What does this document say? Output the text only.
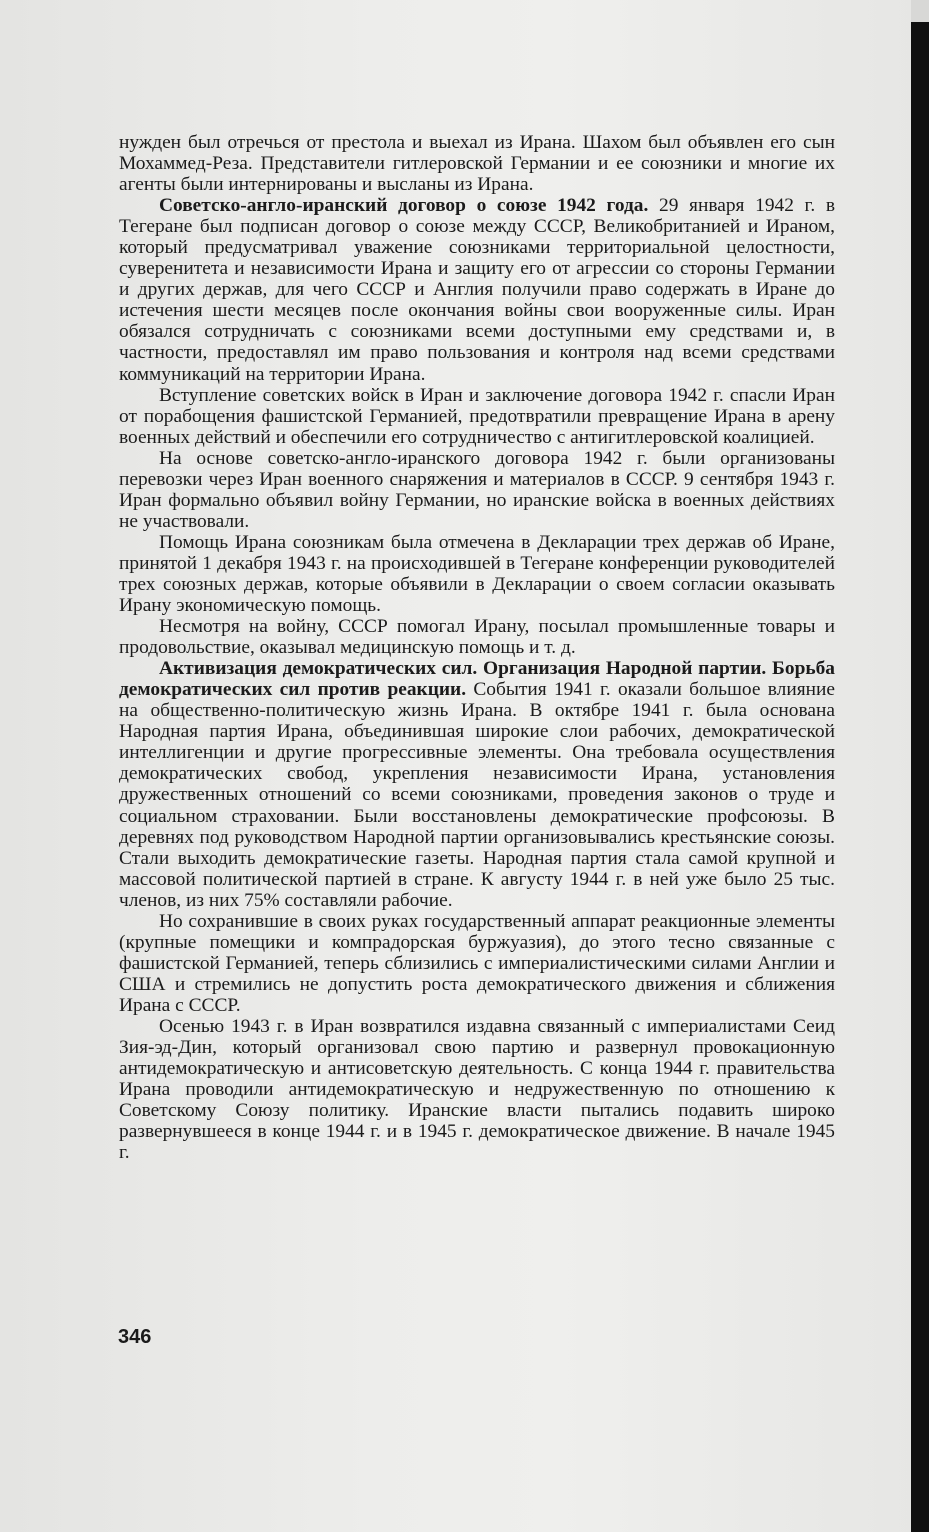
нужден был отречься от престола и выехал из Ирана. Шахом был объявлен его сын Мохаммед-Реза. Представители гитлеровской Германии и ее союзники и многие их агенты были интернированы и высланы из Ирана.

Советско-англо-иранский договор о союзе 1942 года. 29 января 1942 г. в Тегеране был подписан договор о союзе между СССР, Великобританией и Ираном, который предусматривал уважение союзниками территориальной целостности, суверенитета и независимости Ирана и защиту его от агрессии со стороны Германии и других держав, для чего СССР и Англия получили право содержать в Иране до истечения шести месяцев после окончания войны свои вооруженные силы. Иран обязался сотрудничать с союзниками всеми доступными ему средствами и, в частности, предоставлял им право пользования и контроля над всеми средствами коммуникаций на территории Ирана.

Вступление советских войск в Иран и заключение договора 1942 г. спасли Иран от порабощения фашистской Германией, предотвратили превращение Ирана в арену военных действий и обеспечили его сотрудничество с антигитлеровской коалицией.

На основе советско-англо-иранского договора 1942 г. были организованы перевозки через Иран военного снаряжения и материалов в СССР. 9 сентября 1943 г. Иран формально объявил войну Германии, но иранские войска в военных действиях не участвовали.

Помощь Ирана союзникам была отмечена в Декларации трех держав об Иране, принятой 1 декабря 1943 г. на происходившей в Тегеране конференции руководителей трех союзных держав, которые объявили в Декларации о своем согласии оказывать Ирану экономическую помощь.

Несмотря на войну, СССР помогал Ирану, посылал промышленные товары и продовольствие, оказывал медицинскую помощь и т. д.

Активизация демократических сил. Организация Народной партии. Борьба демократических сил против реакции. События 1941 г. оказали большое влияние на общественно-политическую жизнь Ирана. В октябре 1941 г. была основана Народная партия Ирана, объединившая широкие слои рабочих, демократической интеллигенции и другие прогрессивные элементы. Она требовала осуществления демократических свобод, укрепления независимости Ирана, установления дружественных отношений со всеми союзниками, проведения законов о труде и социальном страховании. Были восстановлены демократические профсоюзы. В деревнях под руководством Народной партии организовывались крестьянские союзы. Стали выходить демократические газеты. Народная партия стала самой крупной и массовой политической партией в стране. К августу 1944 г. в ней уже было 25 тыс. членов, из них 75% составляли рабочие.

Но сохранившие в своих руках государственный аппарат реакционные элементы (крупные помещики и компрадорская буржуазия), до этого тесно связанные с фашистской Германией, теперь сблизились с империалистическими силами Англии и США и стремились не допустить роста демократического движения и сближения Ирана с СССР.

Осенью 1943 г. в Иран возвратился издавна связанный с империалистами Сеид Зия-эд-Дин, который организовал свою партию и развернул провокационную антидемократическую и антисоветскую деятельность. С конца 1944 г. правительства Ирана проводили антидемократическую и недружественную по отношению к Советскому Союзу политику. Иранские власти пытались подавить широко развернувшееся в конце 1944 г. и в 1945 г. демократическое движение. В начале 1945 г.

346
